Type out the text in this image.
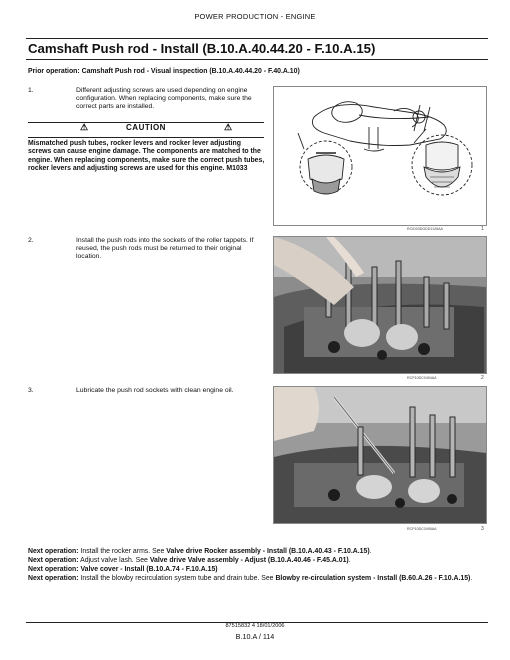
POWER PRODUCTION - ENGINE
Camshaft Push rod - Install (B.10.A.40.44.20 - F.10.A.15)
Prior operation: Camshaft Push rod - Visual inspection (B.10.A.40.44.20 - F.40.A.10)
1.	Different adjusting screws are used depending on engine configuration. When replacing components, make sure the correct parts are installed.
⚠	CAUTION	⚠
Mismatched push tubes, rocker levers and rocker lever adjusting screws can cause engine damage. The components are matched to the engine. When replacing components, make sure the correct push tubes, rocker levers and adjusting screws are used for this engine. M1033
RCID03DGDD1126AA	1
2.	Install the push rods into the sockets of the roller tappets. If reused, the push rods must be returned to their original location.
RCP10DC0494AA	2
3.	Lubricate the push rod sockets with clean engine oil.
RCP10DC0495AA	3
Next operation: Install the rocker arms. See Valve drive Rocker assembly - Install (B.10.A.40.43 - F.10.A.15).
Next operation: Adjust valve lash. See Valve drive Valve assembly - Adjust (B.10.A.40.46 - F.45.A.01).
Next operation: Valve cover - Install (B.10.A.74 - F.10.A.15)
Next operation: Install the blowby recirculation system tube and drain tube. See Blowby re-circulation system - Install (B.60.A.26 - F.10.A.15).
87515832 4 18/01/2006
B.10.A / 114
